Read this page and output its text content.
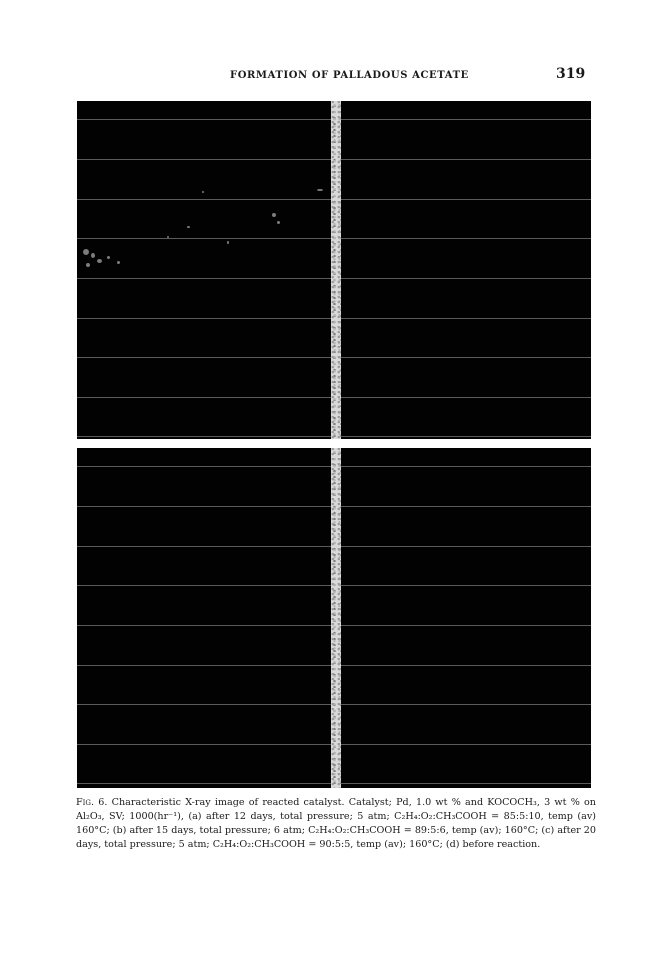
FORMATION OF PALLADOUS ACETATE	319
Fig. 6. Characteristic X-ray image of reacted catalyst. Catalyst; Pd, 1.0 wt % and KOCOCH₃, 3 wt % on Al₂O₃, SV; 1000(hr⁻¹), (a) after 12 days, total pressure; 5 atm; C₂H₄:O₂:CH₃COOH = 85:5:10, temp (av) 160°C; (b) after 15 days, total pressure; 6 atm; C₂H₄:O₂:CH₃COOH = 89:5:6, temp (av); 160°C; (c) after 20 days, total pressure; 5 atm; C₂H₄:O₂:CH₃COOH = 90:5:5, temp (av); 160°C; (d) before reaction.
